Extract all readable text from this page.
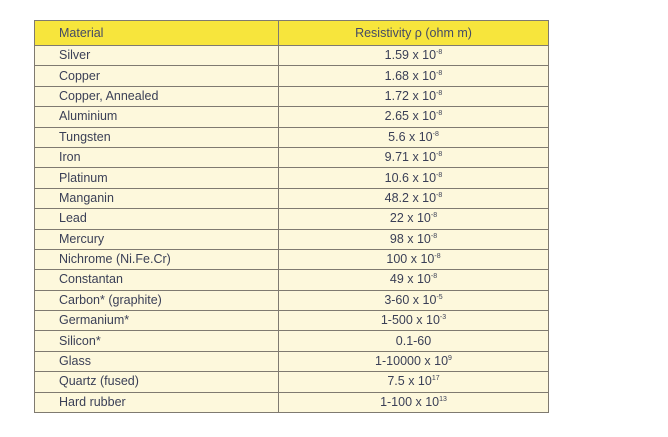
Material	Resistivity ρ (ohm m)
Silver	1.59 x $10^{-8}$
Copper	1.68 x $10^{-8}$
Copper, Annealed	1.72 x $10^{-8}$
Aluminium	2.65 x $10^{-8}$
Tungsten	5.6 x $10^{-8}$
Iron	9.71 x $10^{-8}$
Platinum	10.6 x $10^{-8}$
Manganin	48.2 x $10^{-8}$
Lead	22 x $10^{-8}$
Mercury	98 x $10^{-8}$
Nichrome (Ni.Fe.Cr)	100 x $10^{-8}$
Constantan	49 x $10^{-8}$
Carbon* (graphite)	3-60 x $10^{-5}$
Germanium*	1-500 x $10^{-3}$
Silicon*	0.1-60
Glass	1-10000 x $10^9$
Quartz (fused)	7.5 x $10^{17}$
Hard rubber	1-100 x $10^{13}$
